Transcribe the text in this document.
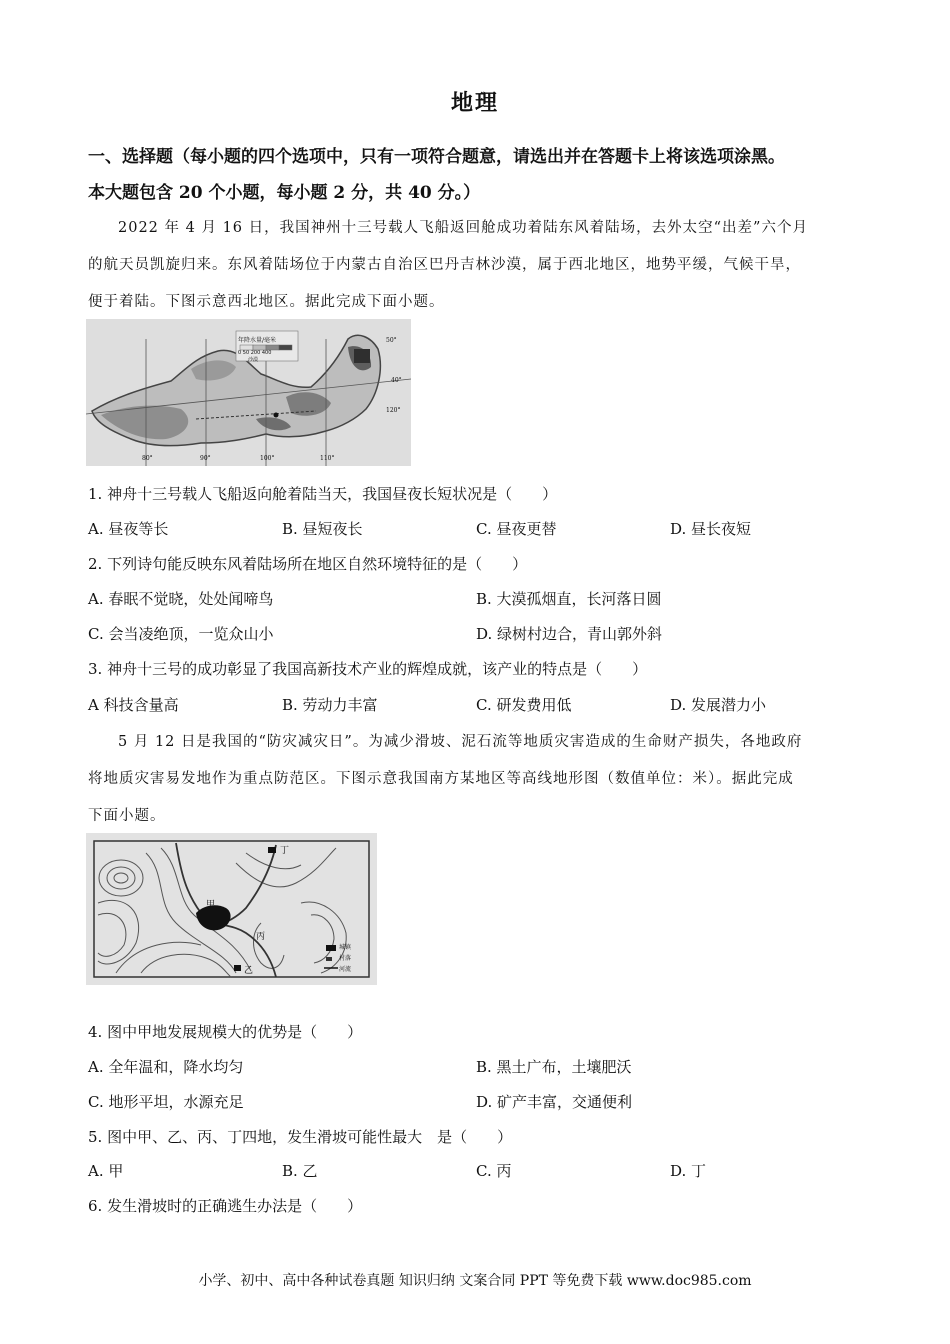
地理
一、选择题（每小题的四个选项中，只有一项符合题意，请选出并在答题卡上将该选项涂黑。
本大题包含 20 个小题，每小题 2 分，共 40 分。）
2022 年 4 月 16 日，我国神州十三号载人飞船返回舱成功着陆东风着陆场，去外太空“出差”六个月
的航天员凯旋归来。东风着陆场位于内蒙古自治区巴丹吉林沙漠，属于西北地区，地势平缓，气候干旱，
便于着陆。下图示意西北地区。据此完成下面小题。
年降水量/毫米
0 50 200 400
沙漠
80°	90°	100°	110°
120°
40°
50°
1. 神舟十三号载人飞船返向舱着陆当天，我国昼夜长短状况是（　　）
A. 昼夜等长	B. 昼短夜长	C. 昼夜更替	D. 昼长夜短
2. 下列诗句能反映东风着陆场所在地区自然环境特征的是（　　）
A. 春眠不觉晓，处处闻啼鸟	B. 大漠孤烟直，长河落日圆
C. 会当凌绝顶，一览众山小	D. 绿树村边合，青山郭外斜
3. 神舟十三号的成功彰显了我国高新技术产业的辉煌成就，该产业的特点是（　　）
A 科技含量高	B. 劳动力丰富	C. 研发费用低	D. 发展潜力小
5 月 12 日是我国的“防灾减灾日”。为减少滑坡、泥石流等地质灾害造成的生命财产损失，各地政府
将地质灾害易发地作为重点防范区。下图示意我国南方某地区等高线地形图（数值单位：米）。据此完成
下面小题。
甲
乙
丙
丁
城镇
村落
河流
4. 图中甲地发展规模大的优势是（　　）
A. 全年温和，降水均匀	B. 黑土广布，土壤肥沃
C. 地形平坦，水源充足	D. 矿产丰富，交通便利
5. 图中甲、乙、丙、丁四地，发生滑坡可能性最大　是（　　）
A. 甲	B. 乙	C. 丙	D. 丁
6. 发生滑坡时的正确逃生办法是（　　）
小学、初中、高中各种试卷真题 知识归纳 文案合同 PPT 等免费下载 www.doc985.com
